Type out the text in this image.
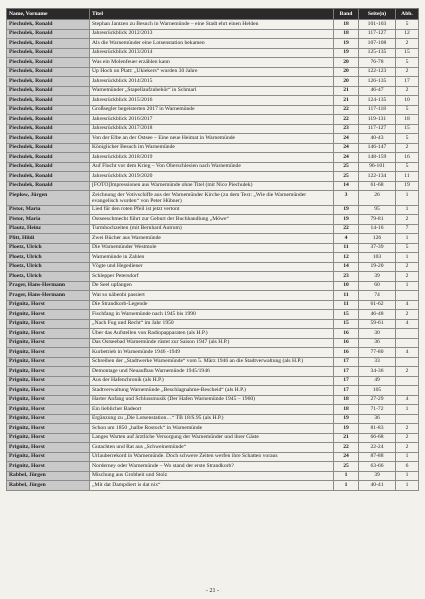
Name, Vorname	Titel	Band	Seite(n)	Abb.
Piechulek, Ronald	Stephan Jantzen zu Besuch in Warnemünde – eine Stadt ehrt einen Helden	18	101-103	5
Piechulek, Ronald	Jahresrückblick 2012/2013	18	117-127	12
Piechulek, Ronald	Als die Warnemünder eine Lotsenstation bekamen	19	107-108	2
Piechulek, Ronald	Jahresrückblick 2013/2014	19	125-135	15
Piechulek, Ronald	Was ein Molenfeuer erzählen kann	20	76-78	5
Piechulek, Ronald	Up Hoch un Platt: „Ukiekers“ wurden 30 Jahre	20	122-123	2
Piechulek, Ronald	Jahresrückblick 2014/2015	20	126-135	17
Piechulek, Ronald	Warnemünder „Stapellaufzubehör“ in Schmarl	21	46-47	2
Piechulek, Ronald	Jahresrückblick 2015/2016	21	124-135	10
Piechulek, Ronald	Großsegler begeisterten 2017 in Warnemünde	22	117-118	5
Piechulek, Ronald	Jahresrückblick 2016/2017	22	119-131	18
Piechulek, Ronald	Jahresrückblick 2017/2018	23	117-127	15
Piechulek, Ronald	Von der Elbe an der Ostsee – Eine neue Heimat in Warnemünde	24	40-43	5
Piechulek, Ronald	Königlicher Besuch im Warnemünde	24	146-147	2
Piechulek, Ronald	Jahresrückblick 2018/2019	24	148-159	16
Piechulek, Ronald	Auf Flucht vor dem Krieg – Von Oberschlesien nach Warnemünde	25	96-101	5
Piechulek, Ronald	Jahresrückblick 2019/2020	25	122-134	11
Piechulek, Ronald	[FOTO]Impressionen aus Warnemünde ohne Titel (mit Nico Piechulek)	14	61-68	19
Pieplow, Jürgen	Zeichnung der Votivschiffe aus der Warnemünder Kirche (zu dem Text: „Wie die Warnemünder evangelisch wurden“ von Peter Hübner)	3	26	1
Pistor, Maria	Lied für den roten Pfeil ist jetzt vertont	19	95	1
Pistor, Maria	Ostseeschmecht führt zur Geburt der Buchhandlung „Möwe“	19	79-81	2
Plautz, Heinz	Turmhochzeiten (mit Bernhard Autrum)	22	14-16	7
Plitt, Hildi	Zwei Bücher aus Warnemünde	4	126	1
Ploetz, Ulrich	Die Warnemünder Westmole	11	37-39	5
Ploetz, Ulrich	Warnemünde in Zahlen	12	103	1
Ploetz, Ulrich	Vögte und Hegediener	14	19-20	2
Ploetz, Ulrich	Schlepper Petersdorf	23	39	2
Prager, Hans-Hermann	De Seel upfangen	10	60	1
Prager, Hans-Hermann	Wat so näbenbi passiert	11	74	
Prignitz, Horst	Die Strandkorb-Legende	11	61-62	4
Prignitz, Horst	Fischfang in Warnemünde nach 1945 bis 1990	15	46-48	2
Prignitz, Horst	„Nach Fug und Recht“ im Jahr 1950	15	59-61	4
Prignitz, Horst	Über das Aufstellen von Radiopapparaten (als H.P.)	16	30	
Prignitz, Horst	Das Ostseebad Warnemünde rüstet zur Saison 1947 (als H.P.)	16	36	
Prignitz, Horst	Kurbetrieb in Warnemünde 1946 -1949	16	77-80	4
Prignitz, Horst	Schreiben der „Stadtwerke Warnemünde“ vom 5. März 1946 an die Stadtverwaltung (als H.P.)	17	33	
Prignitz, Horst	Demontage und Neuaufbau Warnemünde 1945/1946	17	34-36	2
Prignitz, Horst	Aus der Hafenchronik (als H.P.)	17	49	
Prignitz, Horst	Stadtverwaltung Warnemünde „Beschlagnahme-Bescheid“ (als H.P.)	17	105	
Prignitz, Horst	Harter Anfang und Schlussmusik (Der Hafen Warnemünde 1945 – 1960)	18	27-29	4
Prignitz, Horst	Ein lieblicher Badeort	18	71-72	1
Prignitz, Horst	Ergänzung zu „Die Lotsenstation…“ TB 18/S.95 (als H.P.)	19	36	
Prignitz, Horst	Schon um 1850 „halbe Rostock“ in Warnemünde	19	81-83	2
Prignitz, Horst	Langes Warten auf ärztliche Versorgung der Warnemünder und ihrer Gäste	21	66-68	2
Prignitz, Horst	Gutachten und Rat aus „Schweinemünde“	22	22-24	2
Prignitz, Horst	Urlauberrekord in Warnemünde. Doch schwere Zeiten werfen ihre Schatten voraus	24	87-88	1
Prignitz, Horst	Norderney oder Warnemünde – Wo stand der erste Strandkorb?	25	63-66	6
Rabbel, Jürgen	Mischung aus Grobheit und Stolz	1	39	1
Rabbel, Jürgen	„Mit dat Dampdiert is dat nix“	1	40-41	1
- 21 -
